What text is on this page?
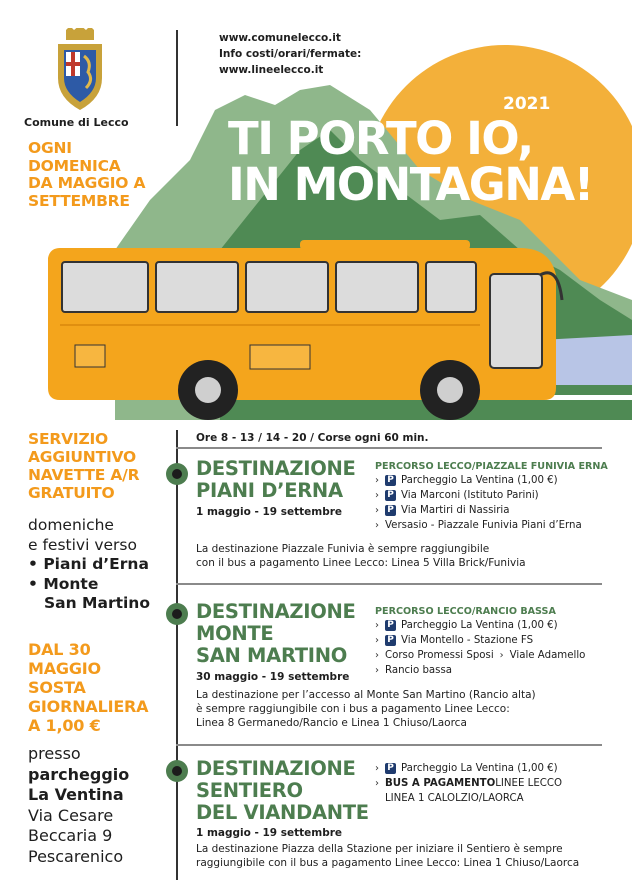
Comune di Lecco
www.comunelecco.it
Info costi/orari/fermate:
www.lineelecco.it
OGNI
DOMENICA
DA MAGGIO A
SETTEMBRE
2021
TI PORTO IO,
IN MONTAGNA!
SERVIZIO
AGGIUNTIVO
NAVETTE A/R
GRATUITO
domeniche
e festivi verso
• Piani d’Erna
• Monte
San Martino
DAL 30
MAGGIO
SOSTA
GIORNALIERA
A 1,00 €
presso
parcheggio
La Ventina
Via Cesare
Beccaria 9
Pescarenico
Ore 8 - 13 / 14 - 20 / Corse ogni 60 min.
DESTINAZIONE
PIANI D’ERNA
1 maggio - 19 settembre
PERCORSO LECCO/PIAZZALE FUNIVIA ERNA
› P Parcheggio La Ventina (1,00 €)
› P Via Marconi (Istituto Parini)
› P Via Martiri di Nassiria
› Versasio - Piazzale Funivia Piani d’Erna
La destinazione Piazzale Funivia è sempre raggiungibile
con il bus a pagamento Linee Lecco: Linea 5 Villa Brick/Funivia
DESTINAZIONE
MONTE
SAN MARTINO
30 maggio - 19 settembre
PERCORSO LECCO/RANCIO BASSA
› P Parcheggio La Ventina (1,00 €)
› P Via Montello - Stazione FS
› Corso Promessi Sposi › Viale Adamello
› Rancio bassa
La destinazione per l’accesso al Monte San Martino (Rancio alta)
è sempre raggiungibile con i bus a pagamento Linee Lecco:
Linea 8 Germanedo/Rancio e Linea 1 Chiuso/Laorca
DESTINAZIONE
SENTIERO
DEL VIANDANTE
1 maggio - 19 settembre
› P Parcheggio La Ventina (1,00 €)
› BUS A PAGAMENTO LINEE LECCO
LINEA 1 CALOLZIO/LAORCA
La destinazione Piazza della Stazione per iniziare il Sentiero è sempre
raggiungibile con il bus a pagamento Linee Lecco: Linea 1 Chiuso/Laorca
